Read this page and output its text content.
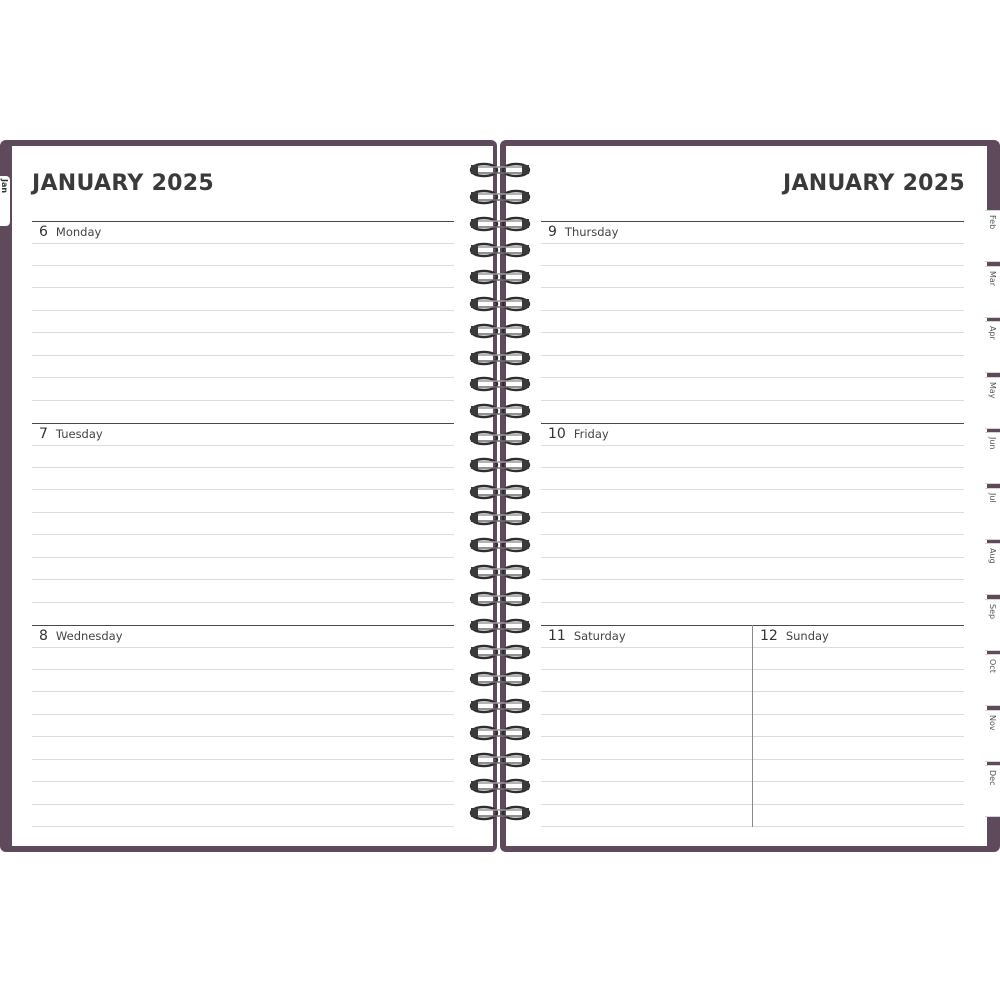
JANUARY 2025
6 Monday
7 Tuesday
8 Wednesday
JANUARY 2025
9 Thursday
10 Friday
11 Saturday	12 Sunday
Jan
Feb
Mar
Apr
May
Jun
Jul
Aug
Sep
Oct
Nov
Dec
